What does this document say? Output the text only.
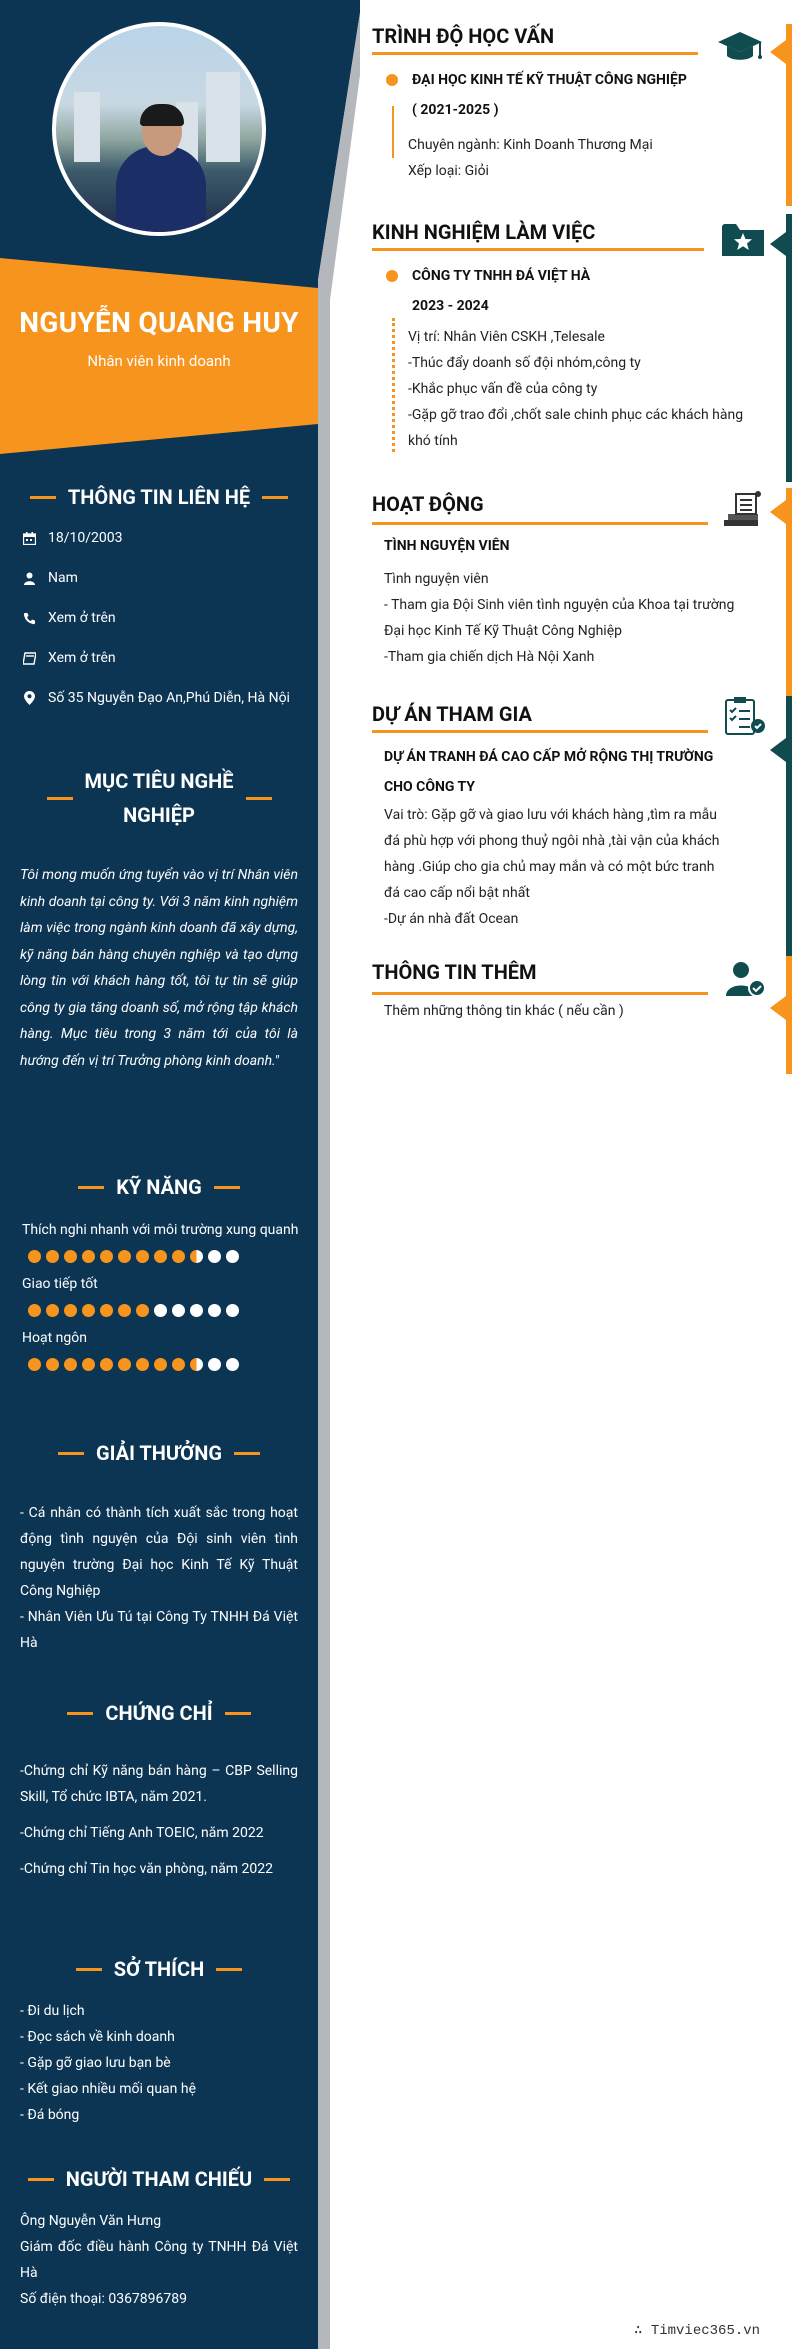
NGUYỄN QUANG HUY
Nhân viên kinh doanh
THÔNG TIN LIÊN HỆ
18/10/2003
Nam
Xem ở trên
Xem ở trên
Số 35 Nguyễn Đạo An,Phú Diễn, Hà Nội
MỤC TIÊU NGHỀ
NGHIỆP
Tôi mong muốn ứng tuyển vào vị trí Nhân viên kinh doanh tại công ty. Với 3 năm kinh nghiệm làm việc trong ngành kinh doanh đã xây dựng, kỹ năng bán hàng chuyên nghiệp và tạo dựng lòng tin với khách hàng tốt, tôi tự tin sẽ giúp công ty gia tăng doanh số, mở rộng tập khách hàng. Mục tiêu trong 3 năm tới của tôi là hướng đến vị trí Trưởng phòng kinh doanh."
KỸ NĂNG
Thích nghi nhanh với môi trường xung quanh
Giao tiếp tốt
Hoạt ngôn
GIẢI THƯỞNG
- Cá nhân có thành tích xuất sắc trong hoạt động tình nguyện của Đội sinh viên tình nguyện trường Đại học Kinh Tế Kỹ Thuật Công Nghiệp
- Nhân Viên Ưu Tú tại Công Ty TNHH Đá Việt Hà
CHỨNG CHỈ
-Chứng chỉ Kỹ năng bán hàng – CBP Selling Skill, Tổ chức IBTA, năm 2021.
-Chứng chỉ Tiếng Anh TOEIC, năm 2022
-Chứng chỉ Tin học văn phòng, năm 2022
SỞ THÍCH
- Đi du lịch
- Đọc sách về kinh doanh
- Gặp gỡ giao lưu bạn bè
- Kết giao nhiều mối quan hệ
- Đá bóng
NGƯỜI THAM CHIẾU
Ông Nguyễn Văn Hưng
Giám đốc điều hành Công ty TNHH Đá Việt Hà
Số điện thoại: 0367896789
TRÌNH ĐỘ HỌC VẤN
ĐẠI HỌC KINH TẾ KỸ THUẬT CÔNG NGHIỆP
( 2021-2025 )
Chuyên ngành: Kinh Doanh Thương Mại
Xếp loại: Giỏi
KINH NGHIỆM LÀM VIỆC
CÔNG TY TNHH ĐÁ VIỆT HÀ
2023 - 2024
Vị trí: Nhân Viên CSKH ,Telesale
-Thúc đẩy doanh số đội nhóm,công ty
-Khắc phục vấn đề của công ty
-Gặp gỡ trao đổi ,chốt sale chinh phục các khách hàng
khó tính
HOẠT ĐỘNG
TÌNH NGUYỆN VIÊN
Tình nguyện viên
- Tham gia Đội Sinh viên tình nguyện của Khoa tại trường
Đại học Kinh Tế Kỹ Thuật Công Nghiệp
-Tham gia chiến dịch Hà Nội Xanh
DỰ ÁN THAM GIA
DỰ ÁN TRANH ĐÁ CAO CẤP MỞ RỘNG THỊ TRƯỜNG
CHO CÔNG TY
Vai trò: Gặp gỡ và giao lưu với khách hàng ,tìm ra mẫu
đá phù hợp với phong thuỷ ngôi nhà ,tài vận của khách
hàng .Giúp cho gia chủ may mắn và có một bức tranh
đá cao cấp nổi bật nhất
-Dự án nhà đất Ocean
THÔNG TIN THÊM
Thêm những thông tin khác ( nếu cần )
∴ Timviec365.vn
